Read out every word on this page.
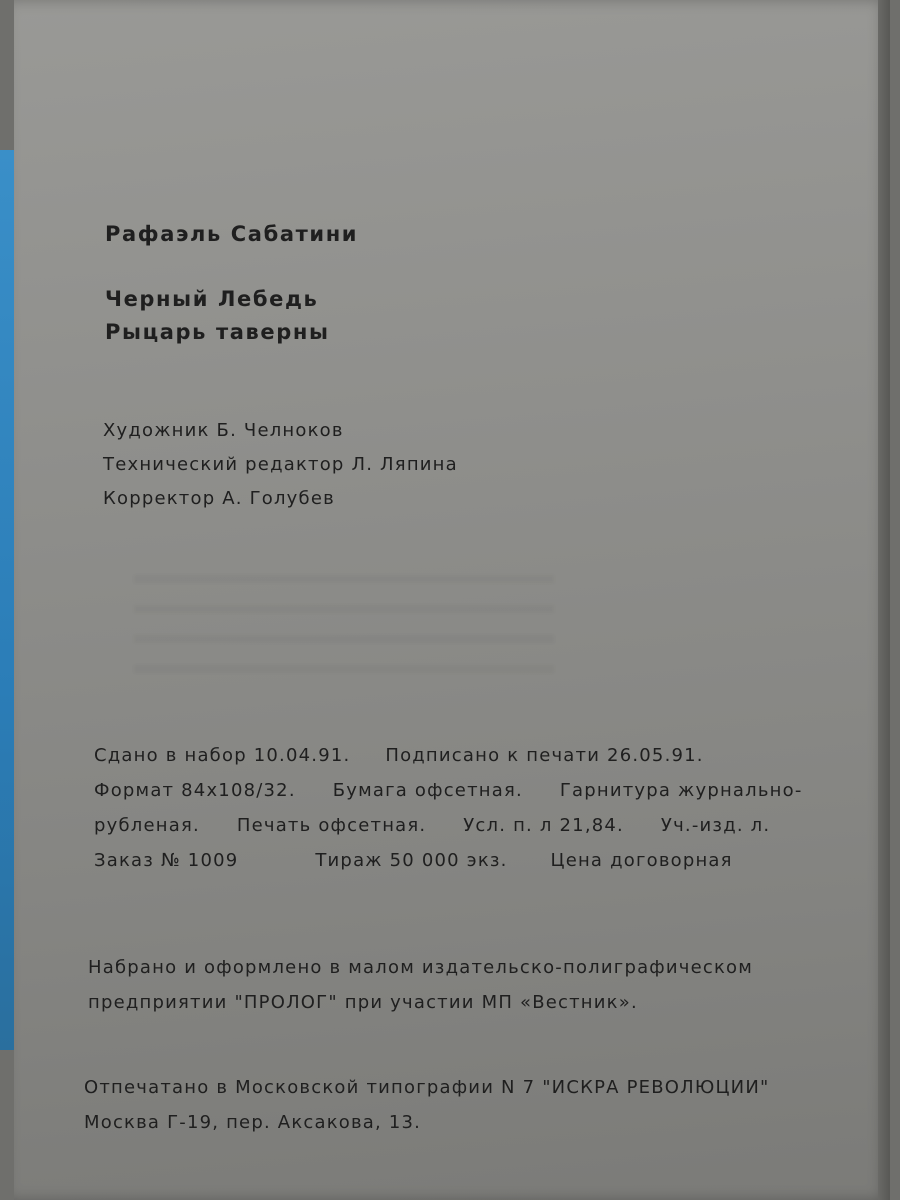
Рафаэль Сабатини
Черный Лебедь
Рыцарь таверны
Художник Б. Челноков
Технический редактор Л. Ляпина
Корректор А. Голубев
Сдано в набор 10.04.91. Подписано к печати 26.05.91.
Формат 84х108/32. Бумага офсетная. Гарнитура журнально-
рубленая. Печать офсетная. Усл. п. л 21,84. Уч.-изд. л.
Заказ № 1009	Тираж 50 000 экз. Цена договорная
Набрано и оформлено в малом издательско-полиграфическом
предприятии "ПРОЛОГ" при участии МП «Вестник».
Отпечатано в Московской типографии N 7 "ИСКРА РЕВОЛЮЦИИ"
Москва Г-19, пер. Аксакова, 13.
